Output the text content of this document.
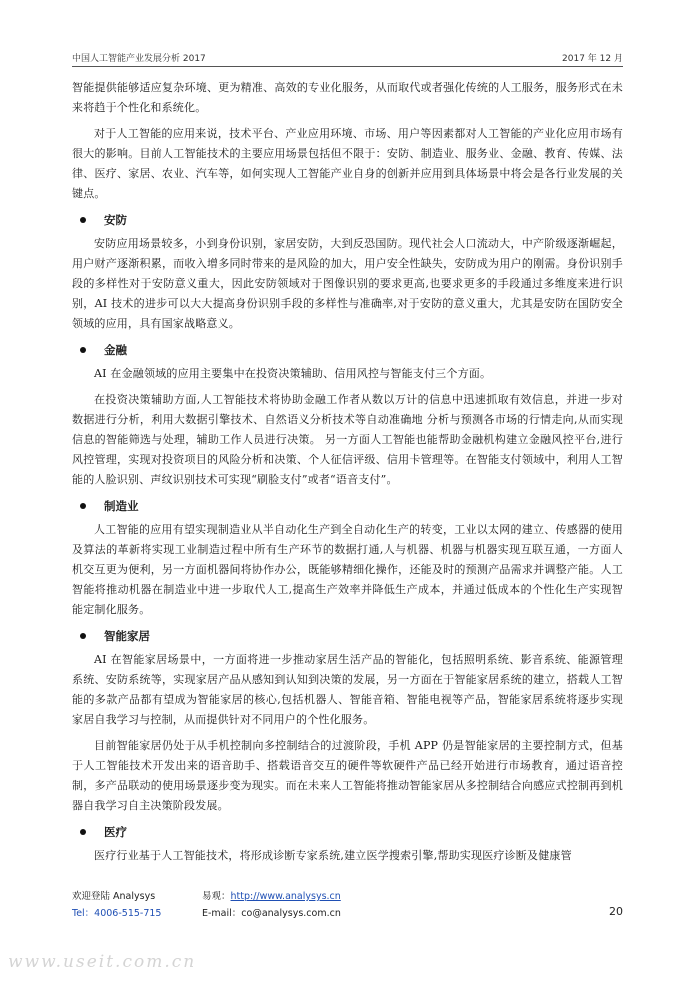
中国人工智能产业发展分析 2017	2017 年 12 月

智能提供能够适应复杂环境、更为精准、高效的专业化服务，从而取代或者强化传统的人工服务，服务形式在未来将趋于个性化和系统化。

对于人工智能的应用来说，技术平台、产业应用环境、市场、用户等因素都对人工智能的产业化应用市场有很大的影响。目前人工智能技术的主要应用场景包括但不限于：安防、制造业、服务业、金融、教育、传媒、法律、医疗、家居、农业、汽车等，如何实现人工智能产业自身的创新并应用到具体场景中将会是各行业发展的关键点。

安防

安防应用场景较多，小到身份识别，家居安防，大到反恐国防。现代社会人口流动大，中产阶级逐渐崛起，用户财产逐渐积累，而收入增多同时带来的是风险的加大，用户安全性缺失，安防成为用户的刚需。身份识别手段的多样性对于安防意义重大，因此安防领域对于图像识别的要求更高,也要求更多的手段通过多维度来进行识别，AI 技术的进步可以大大提高身份识别手段的多样性与准确率,对于安防的意义重大，尤其是安防在国防安全领域的应用，具有国家战略意义。

金融

AI 在金融领域的应用主要集中在投资决策辅助、信用风控与智能支付三个方面。

在投资决策辅助方面,人工智能技术将协助金融工作者从数以万计的信息中迅速抓取有效信息，并进一步对数据进行分析，利用大数据引擎技术、自然语义分析技术等自动准确地 分析与预测各市场的行情走向,从而实现信息的智能筛选与处理，辅助工作人员进行决策。 另一方面人工智能也能帮助金融机构建立金融风控平台,进行风控管理，实现对投资项目的风险分析和决策、个人征信评级、信用卡管理等。在智能支付领域中，利用人工智能的人脸识别、声纹识别技术可实现“刷脸支付”或者“语音支付”。

制造业

人工智能的应用有望实现制造业从半自动化生产到全自动化生产的转变，工业以太网的建立、传感器的使用及算法的革新将实现工业制造过程中所有生产环节的数据打通,人与机器、机器与机器实现互联互通，一方面人机交互更为便利，另一方面机器间将协作办公，既能够精细化操作，还能及时的预测产品需求并调整产能。人工智能将推动机器在制造业中进一步取代人工,提高生产效率并降低生产成本，并通过低成本的个性化生产实现智能定制化服务。

智能家居

AI 在智能家居场景中，一方面将进一步推动家居生活产品的智能化，包括照明系统、影音系统、能源管理系统、安防系统等，实现家居产品从感知到认知到决策的发展，另一方面在于智能家居系统的建立，搭载人工智能的多款产品都有望成为智能家居的核心,包括机器人、智能音箱、智能电视等产品，智能家居系统将逐步实现家居自我学习与控制，从而提供针对不同用户的个性化服务。

目前智能家居仍处于从手机控制向多控制结合的过渡阶段，手机 APP 仍是智能家居的主要控制方式，但基于人工智能技术开发出来的语音助手、搭载语音交互的硬件等软硬件产品已经开始进行市场教育，通过语音控制，多产品联动的使用场景逐步变为现实。而在未来人工智能将推动智能家居从多控制结合向感应式控制再到机器自我学习自主决策阶段发展。

医疗

医疗行业基于人工智能技术，将形成诊断专家系统,建立医学搜索引擎,帮助实现医疗诊断及健康管

欢迎登陆 Analysys	易观：http://www.analysys.cn
Tel：4006-515-715	E-mail：co@analysys.com.cn	20
www.useit.com.cn
